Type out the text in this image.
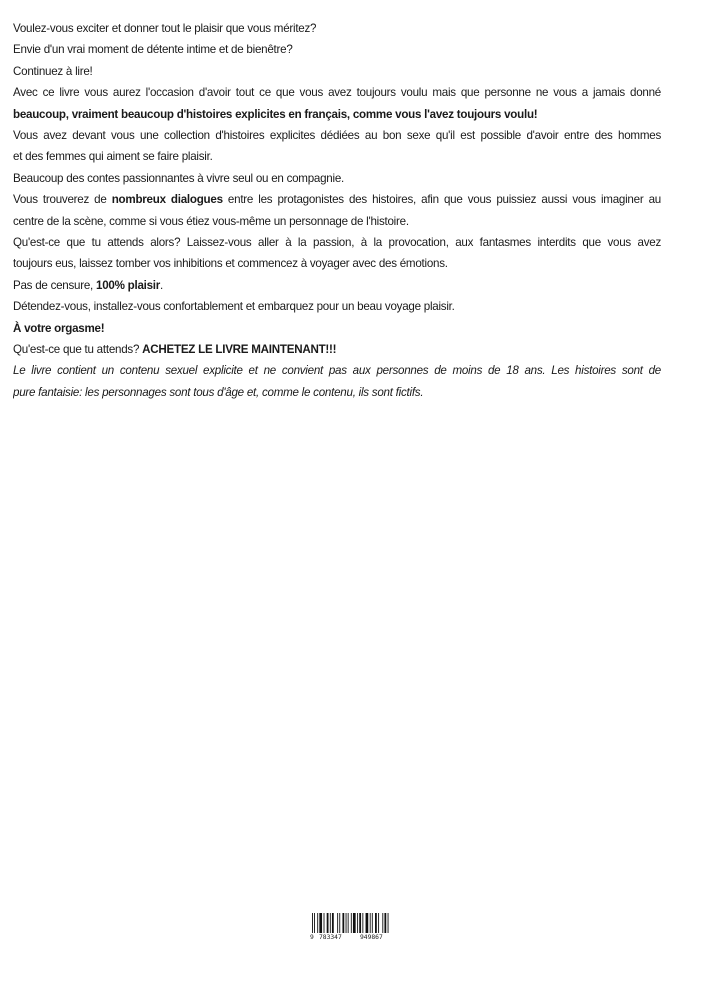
Voulez-vous exciter et donner tout le plaisir que vous méritez?

Envie d'un vrai moment de détente intime et de bienêtre?

Continuez à lire!

Avec ce livre vous aurez l'occasion d'avoir tout ce que vous avez toujours voulu mais que personne ne vous a jamais donné

beaucoup, vraiment beaucoup d'histoires explicites en français, comme vous l'avez toujours voulu!

Vous avez devant vous une collection d'histoires explicites dédiées au bon sexe qu'il est possible d'avoir entre des hommes

et des femmes qui aiment se faire plaisir.

Beaucoup des contes passionnantes à vivre seul ou en compagnie.

Vous trouverez de nombreux dialogues entre les protagonistes des histoires, afin que vous puissiez aussi vous imaginer au

centre de la scène, comme si vous étiez vous-même un personnage de l'histoire.

Qu'est-ce que tu attends alors? Laissez-vous aller à la passion, à la provocation, aux fantasmes interdits que vous avez

toujours eus, laissez tomber vos inhibitions et commencez à voyager avec des émotions.

Pas de censure, 100% plaisir.

Détendez-vous, installez-vous confortablement et embarquez pour un beau voyage plaisir.

À votre orgasme!

Qu'est-ce que tu attends? ACHETEZ LE LIVRE MAINTENANT!!!

Le livre contient un contenu sexuel explicite et ne convient pas aux personnes de moins de 18 ans. Les histoires sont de

pure fantaisie: les personnages sont tous d'âge et, comme le contenu, ils sont fictifs.

9 783347	949867
